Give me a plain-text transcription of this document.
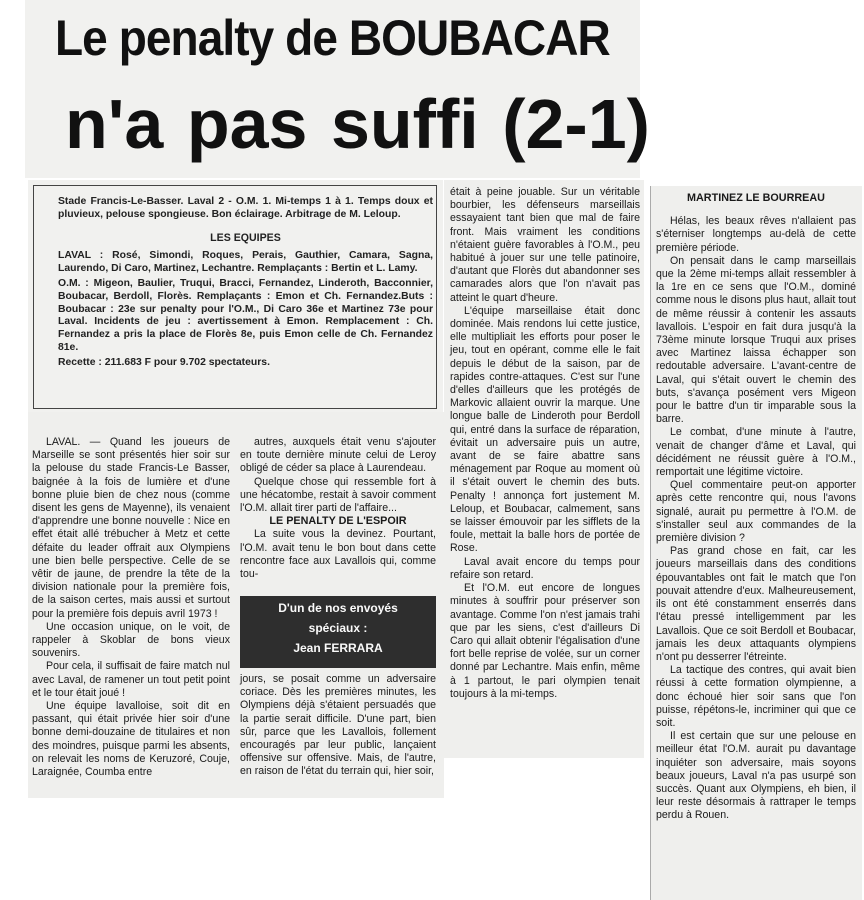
Le penalty de BOUBACAR
n'a pas suffi (2-1)

Stade Francis-Le-Basser. Laval 2 - O.M. 1. Mi-temps 1 à 1. Temps doux et pluvieux, pelouse spongieuse. Bon éclairage. Arbitrage de M. Leloup.

LES EQUIPES

LAVAL : Rosé, Simondi, Roques, Perais, Gauthier, Camara, Sagna, Laurendo, Di Caro, Martinez, Lechantre. Remplaçants : Bertin et L. Lamy.

O.M. : Migeon, Baulier, Truqui, Bracci, Fernandez, Linderoth, Bacconnier, Boubacar, Berdoll, Florès. Remplaçants : Emon et Ch. Fernandez.Buts : Boubacar : 23e sur penalty pour l'O.M., Di Caro 36e et Martinez 73e pour Laval. Incidents de jeu : avertissement à Emon. Remplacement : Ch. Fernandez a pris la place de Florès 8e, puis Emon celle de Ch. Fernandez 81e.

Recette : 211.683 F pour 9.702 spectateurs.

LAVAL. — Quand les joueurs de Marseille se sont présentés hier soir sur la pelouse du stade Francis-Le Basser, baignée à la fois de lumière et d'une bonne pluie bien de chez nous (comme disent les gens de Mayenne), ils venaient d'apprendre une bonne nouvelle : Nice en effet était allé trébucher à Metz et cette défaite du leader offrait aux Olympiens une bien belle perspective. Celle de se vêtir de jaune, de prendre la tête de la division nationale pour la première fois, de la saison certes, mais aussi et surtout pour la première fois depuis avril 1973 !

Une occasion unique, on le voit, de rappeler à Skoblar de bons vieux souvenirs.

Pour cela, il suffisait de faire match nul avec Laval, de ramener un tout petit point et le tour était joué !

Une équipe lavalloise, soit dit en passant, qui était privée hier soir d'une bonne demi-douzaine de titulaires et non des moindres, puisque parmi les absents, on relevait les noms de Keruzoré, Couje, Laraignée, Coumba entre

autres, auxquels était venu s'ajouter en toute dernière minute celui de Leroy obligé de céder sa place à Laurendeau.

Quelque chose qui ressemble fort à une hécatombe, restait à savoir comment l'O.M. allait tirer parti de l'affaire...

LE PENALTY DE L'ESPOIR

La suite vous la devinez. Pourtant, l'O.M. avait tenu le bon bout dans cette rencontre face aux Lavallois qui, comme tou-

D'un de nos envoyés
spéciaux :
Jean FERRARA

jours, se posait comme un adversaire coriace. Dès les premières minutes, les Olympiens déjà s'étaient persuadés que la partie serait difficile. D'une part, bien sûr, parce que les Lavallois, follement encouragés par leur public, lançaient offensive sur offensive. Mais, de l'autre, en raison de l'état du terrain qui, hier soir,

était à peine jouable. Sur un véritable bourbier, les défenseurs marseillais essayaient tant bien que mal de faire front. Mais vraiment les conditions n'étaient guère favorables à l'O.M., peu habitué à jouer sur une telle patinoire, d'autant que Florès dut abandonner ses camarades alors que l'on n'avait pas atteint le quart d'heure.

L'équipe marseillaise était donc dominée. Mais rendons lui cette justice, elle multipliait les efforts pour poser le jeu, tout en opérant, comme elle le fait depuis le début de la saison, par de rapides contre-attaques. C'est sur l'une d'elles d'ailleurs que les protégés de Markovic allaient ouvrir la marque. Une longue balle de Linderoth pour Berdoll qui, entré dans la surface de réparation, évitait un adversaire puis un autre, avant de se faire abattre sans ménagement par Roque au moment où il s'était ouvert le chemin des buts. Penalty ! annonça fort justement M. Leloup, et Boubacar, calmement, sans se laisser émouvoir par les sifflets de la foule, mettait la balle hors de portée de Rose.

Laval avait encore du temps pour refaire son retard.

Et l'O.M. eut encore de longues minutes à souffrir pour préserver son avantage. Comme l'on n'est jamais trahi que par les siens, c'est d'ailleurs Di Caro qui allait obtenir l'égalisation d'une fort belle reprise de volée, sur un corner donné par Lechantre. Mais enfin, même à 1 partout, le pari olympien tenait toujours à la mi-temps.

MARTINEZ LE BOURREAU

Hélas, les beaux rêves n'allaient pas s'éterniser longtemps au-delà de cette première période.

On pensait dans le camp marseillais que la 2ème mi-temps allait ressembler à la 1re en ce sens que l'O.M., dominé comme nous le disons plus haut, allait tout de même réussir à contenir les assauts lavallois. L'espoir en fait dura jusqu'à la 73ème minute lorsque Truqui aux prises avec Martinez laissa échapper son redoutable adversaire. L'avant-centre de Laval, qui s'était ouvert le chemin des buts, s'avança posément vers Migeon pour le battre d'un tir imparable sous la barre.

Le combat, d'une minute à l'autre, venait de changer d'âme et Laval, qui décidément ne réussit guère à l'O.M., remportait une légitime victoire.

Quel commentaire peut-on apporter après cette rencontre qui, nous l'avons signalé, aurait pu permettre à l'O.M. de s'installer seul aux commandes de la première division ?

Pas grand chose en fait, car les joueurs marseillais dans des conditions épouvantables ont fait le match que l'on pouvait attendre d'eux. Malheureusement, ils ont été constamment enserrés dans l'étau pressé intelligemment par les Lavallois. Que ce soit Berdoll et Boubacar, jamais les deux attaquants olympiens n'ont pu desserrer l'étreinte.

La tactique des contres, qui avait bien réussi à cette formation olympienne, a donc échoué hier soir sans que l'on puisse, répétons-le, incriminer qui que ce soit.

Il est certain que sur une pelouse en meilleur état l'O.M. aurait pu davantage inquiéter son adversaire, mais soyons beaux joueurs, Laval n'a pas usurpé son succès. Quant aux Olympiens, eh bien, il leur reste désormais à rattraper le temps perdu à Rouen.
